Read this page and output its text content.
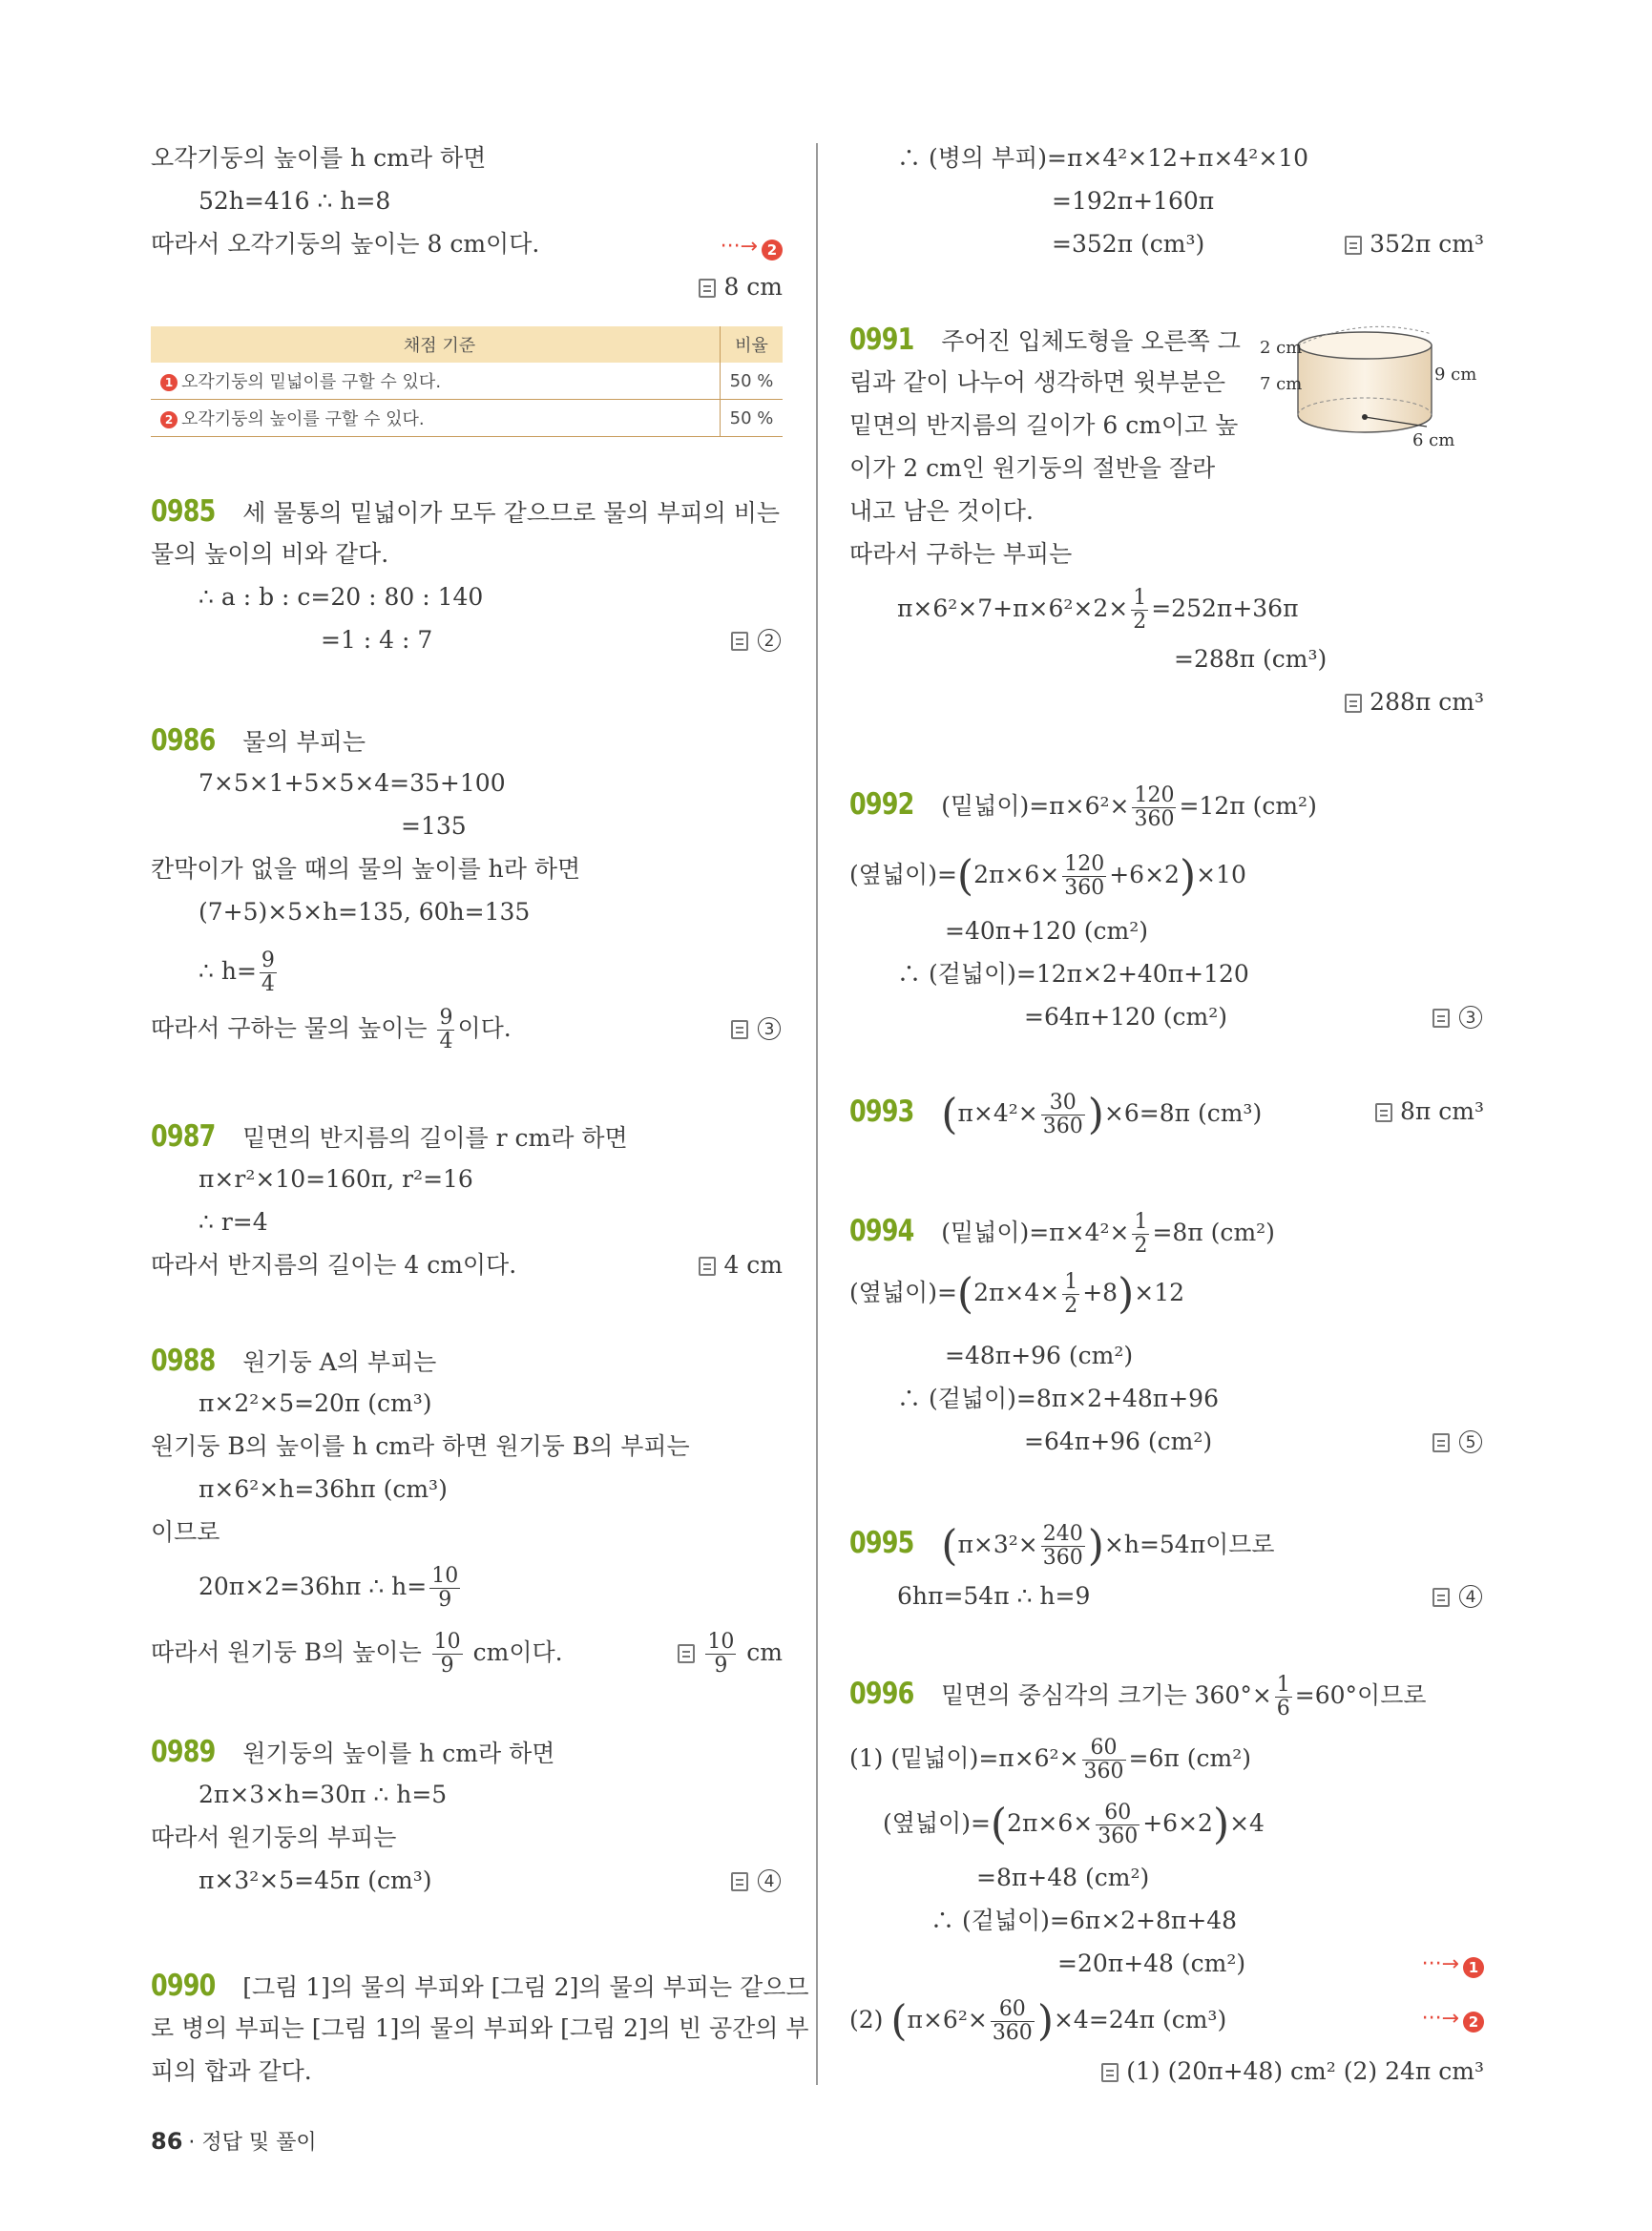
오각기둥의 높이를 h cm라 하면
52h=416 ∴ h=8
따라서 오각기둥의 높이는 8 cm이다.	···→ 2
8 cm
채점 기준	비율
1 오각기둥의 밑넓이를 구할 수 있다.	50 %
2 오각기둥의 높이를 구할 수 있다.	50 %
0985 세 물통의 밑넓이가 모두 같으므로 물의 부피의 비는
물의 높이의 비와 같다.
∴ a : b : c=20 : 80 : 140
=1 : 4 : 7	2
0986 물의 부피는
7×5×1+5×5×4=35+100
=135
칸막이가 없을 때의 물의 높이를 h라 하면
(7+5)×5×h=135, 60h=135
∴ $h= \frac{9}{4}$
따라서 구하는 물의 높이는 $\frac{9}{4}$ 이다.	3
0987 밑면의 반지름의 길이를 r cm라 하면
π×r²×10=160π, r²=16
∴ r=4
따라서 반지름의 길이는 4 cm이다.	4 cm
0988 원기둥 A의 부피는
π×2²×5=20π (cm³)
원기둥 B의 높이를 h cm라 하면 원기둥 B의 부피는
π×6²×h=36hπ (cm³)
이므로
20π×2=36hπ ∴ $h= \frac{10}{9}$
따라서 원기둥 B의 높이는 $\frac{10}{9}$ cm이다.	$\frac{10}{9}$ cm
0989 원기둥의 높이를 h cm라 하면
2π×3×h=30π ∴ h=5
따라서 원기둥의 부피는
π×3²×5=45π (cm³)	4
0990 [그림 1]의 물의 부피와 [그림 2]의 물의 부피는 같으므
로 병의 부피는 [그림 1]의 물의 부피와 [그림 2]의 빈 공간의 부
피의 합과 같다.
∴ (병의 부피)=π×4²×12+π×4²×10
=192π+160π
=352π (cm³)	352π cm³
0991 주어진 입체도형을 오른쪽 그
림과 같이 나누어 생각하면 윗부분은
밑면의 반지름의 길이가 6 cm이고 높
이가 2 cm인 원기둥의 절반을 잘라
내고 남은 것이다.
따라서 구하는 부피는
$\pi\times 6^2\times 7+\pi\times 6^2\times 2\times \frac{1}{2} =252\pi+36\pi$
=288π (cm³)
288π cm³
2 cm
7 cm	9 cm
6 cm
0992 (밑넓이)$=\pi\times 6^2\times \frac{120}{360} =12\pi$ (cm²)
(옆넓이)$=(2\pi\times 6\times \frac{120}{360} +6\times 2)\times 10$
=40π+120 (cm²)
∴ (겉넓이)=12π×2+40π+120
=64π+120 (cm²)	3
0993 $(\pi\times 4^2\times \frac{30}{360} )\times 6=8\pi$ (cm³)	8π cm³
0994 (밑넓이)$=\pi\times 4^2\times \frac{1}{2} =8\pi$ (cm²)
(옆넓이)$=(2\pi\times 4\times \frac{1}{2} +8)\times 12$
=48π+96 (cm²)
∴ (겉넓이)=8π×2+48π+96
=64π+96 (cm²)	5
0995 $(\pi\times 3^2\times \frac{240}{360} )\times h=54\pi$이므로
6hπ=54π ∴ h=9	4
0996 밑면의 중심각의 크기는 $360^\circ\times \frac{1}{6} =60^\circ$이므로
(1) (밑넓이)$=\pi\times 6^2\times \frac{60}{360} =6\pi$ (cm²)
(옆넓이)$=(2\pi\times 6\times \frac{60}{360} +6\times 2)\times 4$
=8π+48 (cm²)
∴ (겉넓이)=6π×2+8π+48
=20π+48 (cm²)	···→ 1
(2) $(\pi\times 6^2\times \frac{60}{360} )\times 4=24\pi$ (cm³)	···→ 2
(1) (20π+48) cm² (2) 24π cm³
86 · 정답 및 풀이
